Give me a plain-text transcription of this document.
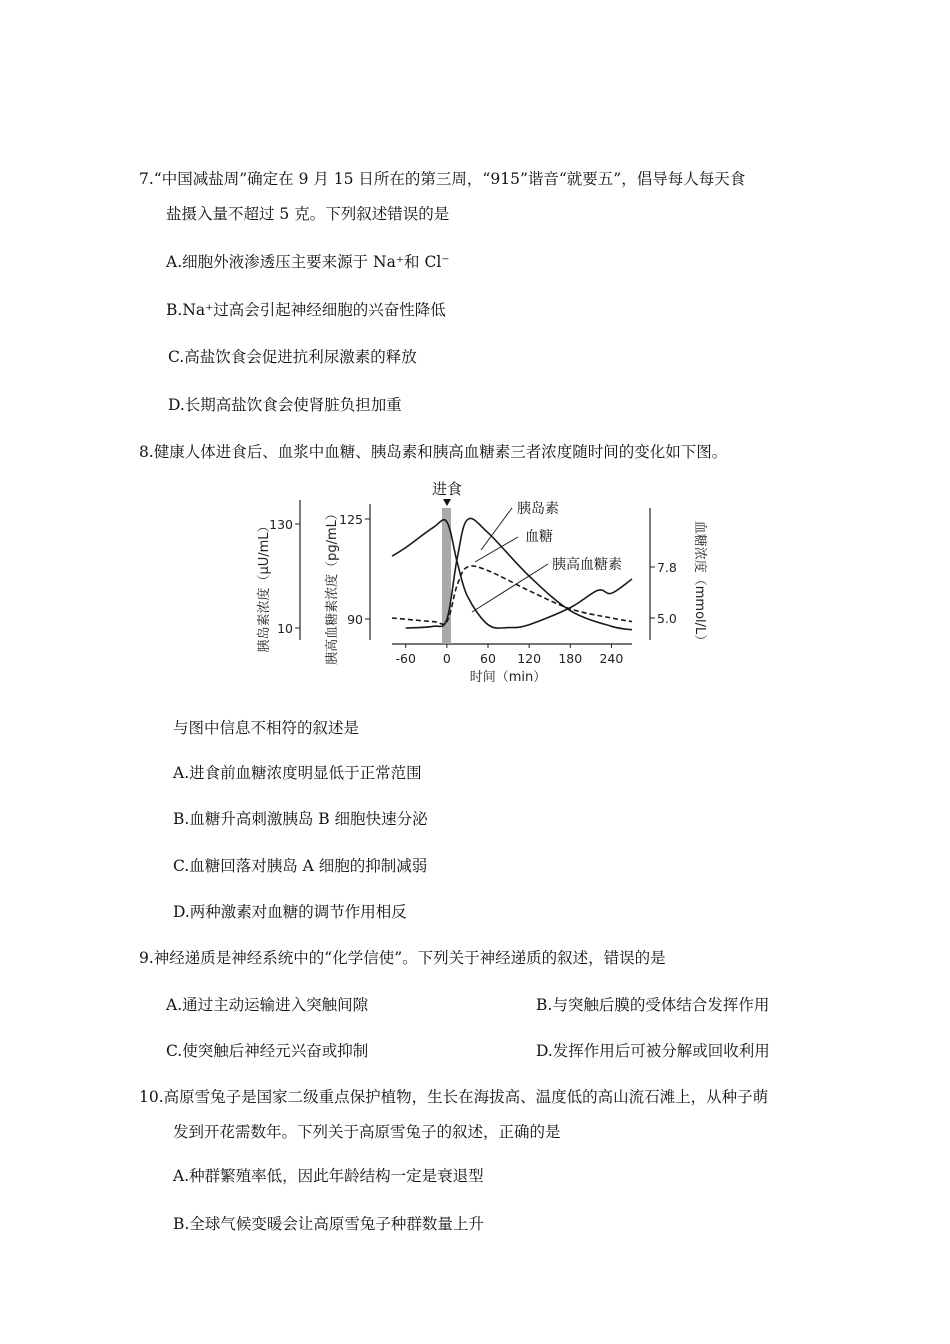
7.“中国减盐周”确定在 9 月 15 日所在的第三周，“915”谐音“就要五”，倡导每人每天食
盐摄入量不超过 5 克。下列叙述错误的是
A.细胞外液渗透压主要来源于 Na⁺和 Cl⁻
B.Na⁺过高会引起神经细胞的兴奋性降低
C.高盐饮食会促进抗利尿激素的释放
D.长期高盐饮食会使肾脏负担加重
8.健康人体进食后、血浆中血糖、胰岛素和胰高血糖素三者浓度随时间的变化如下图。
胰岛素浓度（μU/mL）	胰高血糖素浓度（pg/mL）	血糖浓度（mmol/L）
进食
130
10
125
90
7.8
5.0
时间（min）
胰岛素
血糖
胰高血糖素
-60 0 60 120 180 240
与图中信息不相符的叙述是
A.进食前血糖浓度明显低于正常范围
B.血糖升高刺激胰岛 B 细胞快速分泌
C.血糖回落对胰岛 A 细胞的抑制减弱
D.两种激素对血糖的调节作用相反
9.神经递质是神经系统中的“化学信使”。下列关于神经递质的叙述，错误的是
A.通过主动运输进入突触间隙	B.与突触后膜的受体结合发挥作用
C.使突触后神经元兴奋或抑制	D.发挥作用后可被分解或回收利用
10.高原雪兔子是国家二级重点保护植物，生长在海拔高、温度低的高山流石滩上，从种子萌
发到开花需数年。下列关于高原雪兔子的叙述，正确的是
A.种群繁殖率低，因此年龄结构一定是衰退型
B.全球气候变暖会让高原雪兔子种群数量上升
